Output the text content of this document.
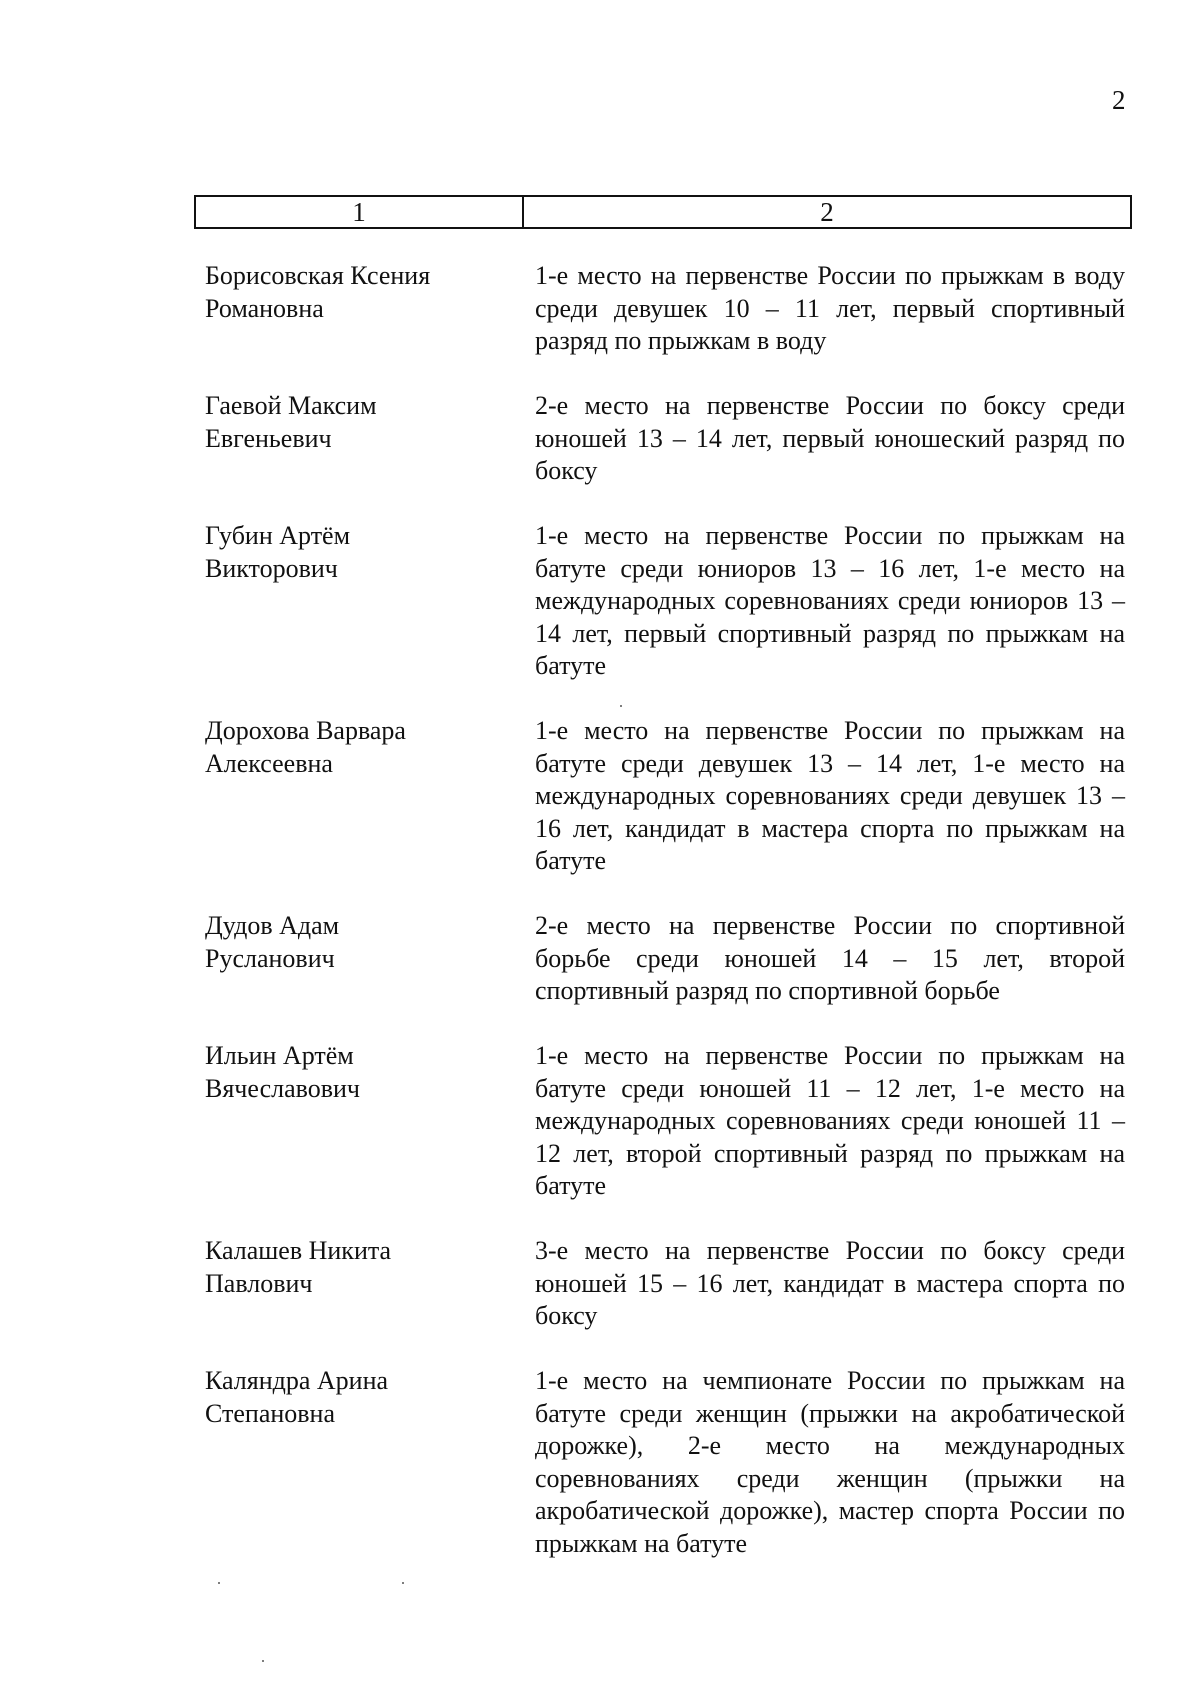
2
1	2
Борисовская Ксения
Романовна
1-е место на первенстве России по прыжкам в воду среди девушек 10 – 11 лет, первый спортивный разряд по прыжкам в воду
Гаевой Максим
Евгеньевич
2-е место на первенстве России по боксу среди юношей 13 – 14 лет, первый юношеский разряд по боксу
Губин Артём
Викторович
1-е место на первенстве России по прыжкам на батуте среди юниоров 13 – 16 лет, 1-е место на международных соревнованиях среди юниоров 13 – 14 лет, первый спортивный разряд по прыжкам на батуте
Дорохова Варвара
Алексеевна
1-е место на первенстве России по прыжкам на батуте среди девушек 13 – 14 лет, 1-е место на международных соревнованиях среди девушек 13 – 16 лет, кандидат в мастера спорта по прыжкам на батуте
Дудов Адам
Русланович
2-е место на первенстве России по спортивной борьбе среди юношей 14 – 15 лет, второй спортивный разряд по спортивной борьбе
Ильин Артём
Вячеславович
1-е место на первенстве России по прыжкам на батуте среди юношей 11 – 12 лет, 1-е место на международных соревнованиях среди юношей 11 – 12 лет, второй спортивный разряд по прыжкам на батуте
Калашев Никита
Павлович
3-е место на первенстве России по боксу среди юношей 15 – 16 лет, кандидат в мастера спорта по боксу
Каляндра Арина
Степановна
1-е место на чемпионате России по прыжкам на батуте среди женщин (прыжки на акробатической дорожке), 2-е место на международных соревнованиях среди женщин (прыжки на акробатической дорожке), мастер спорта России по прыжкам на батуте
